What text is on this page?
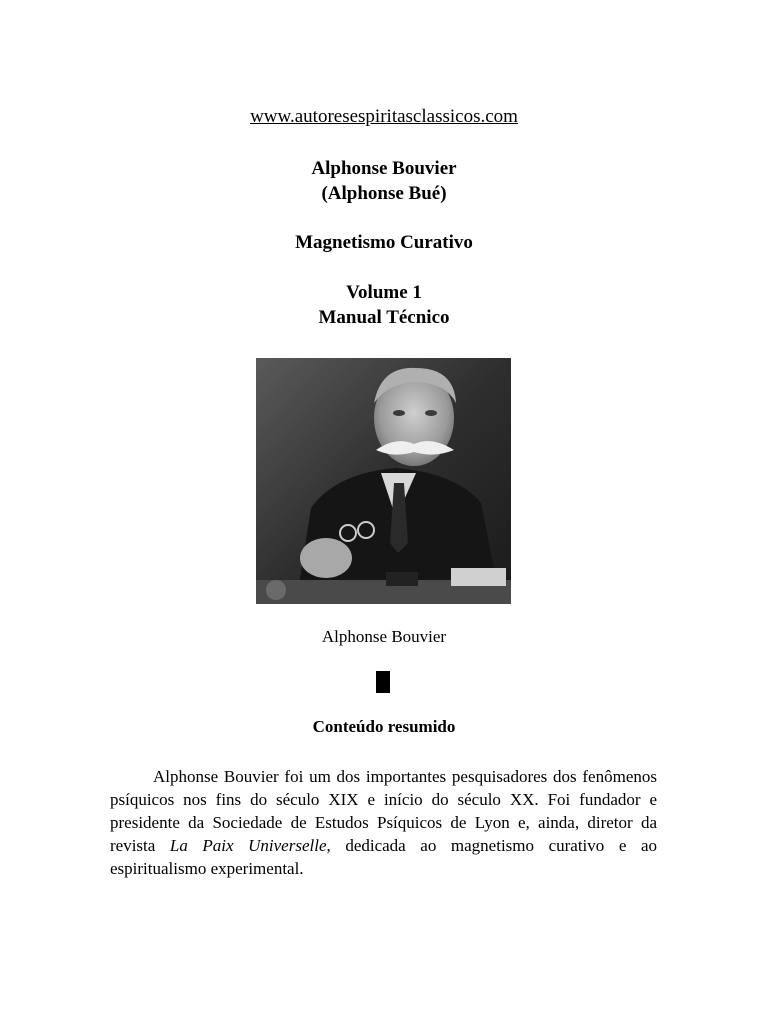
www.autoresespiritasclassicos.com
Alphonse Bouvier
(Alphonse Bué)
Magnetismo Curativo
Volume 1
Manual Técnico
Alphonse Bouvier
Conteúdo resumido

Alphonse Bouvier foi um dos importantes pesquisadores dos fenômenos psíquicos nos fins do século XIX e início do século XX. Foi fundador e presidente da Sociedade de Estudos Psíquicos de Lyon e, ainda, diretor da revista La Paix Universelle, dedicada ao magnetismo curativo e ao espiritualismo experimental.
